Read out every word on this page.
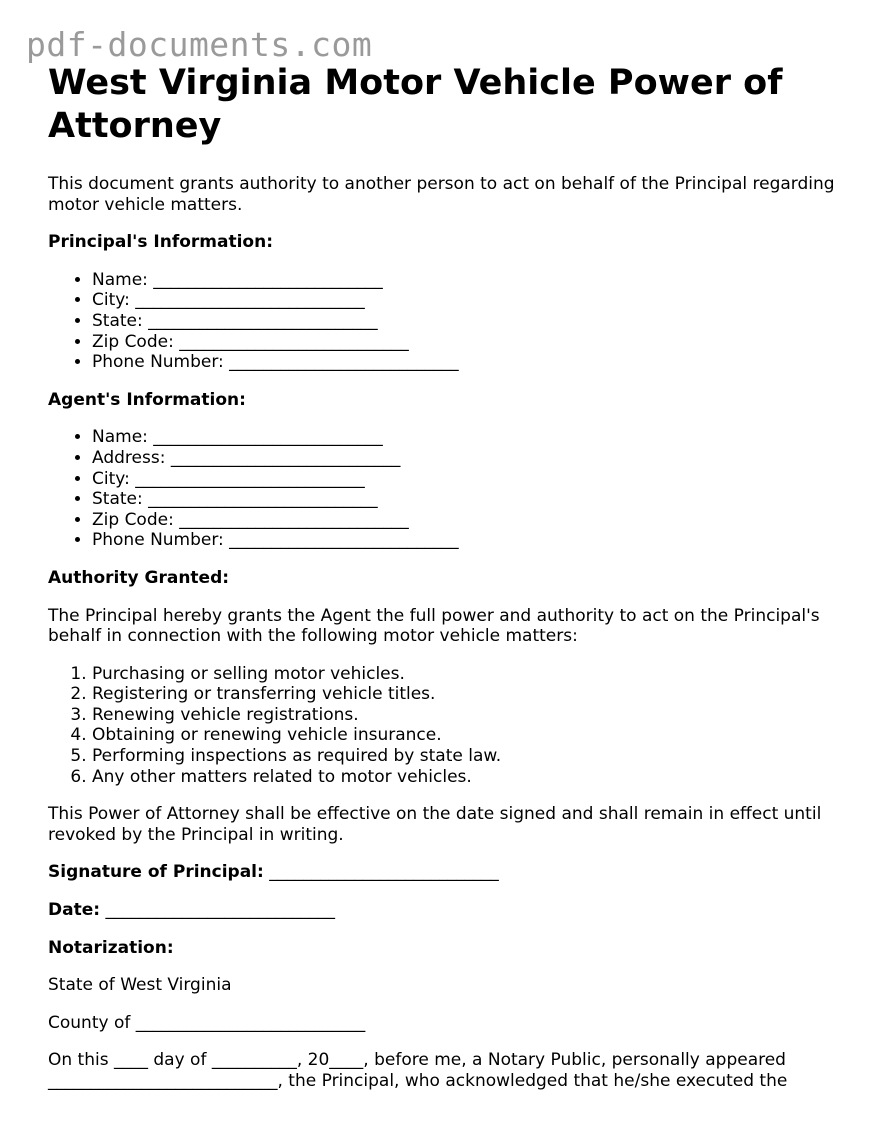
pdf-documents.com
West Virginia Motor Vehicle Power of Attorney

This document grants authority to another person to act on behalf of the Principal regarding motor vehicle matters.

Principal's Information:

• Name: ___________________________
• City: ___________________________
• State: ___________________________
• Zip Code: ___________________________
• Phone Number: ___________________________

Agent's Information:

• Name: ___________________________
• Address: ___________________________
• City: ___________________________
• State: ___________________________
• Zip Code: ___________________________
• Phone Number: ___________________________

Authority Granted:

The Principal hereby grants the Agent the full power and authority to act on the Principal's behalf in connection with the following motor vehicle matters:

1. Purchasing or selling motor vehicles.
2. Registering or transferring vehicle titles.
3. Renewing vehicle registrations.
4. Obtaining or renewing vehicle insurance.
5. Performing inspections as required by state law.
6. Any other matters related to motor vehicles.

This Power of Attorney shall be effective on the date signed and shall remain in effect until revoked by the Principal in writing.

Signature of Principal: ___________________________

Date: ___________________________

Notarization:

State of West Virginia

County of ___________________________

On this ____ day of __________, 20____, before me, a Notary Public, personally appeared ___________________________, the Principal, who acknowledged that he/she executed the
